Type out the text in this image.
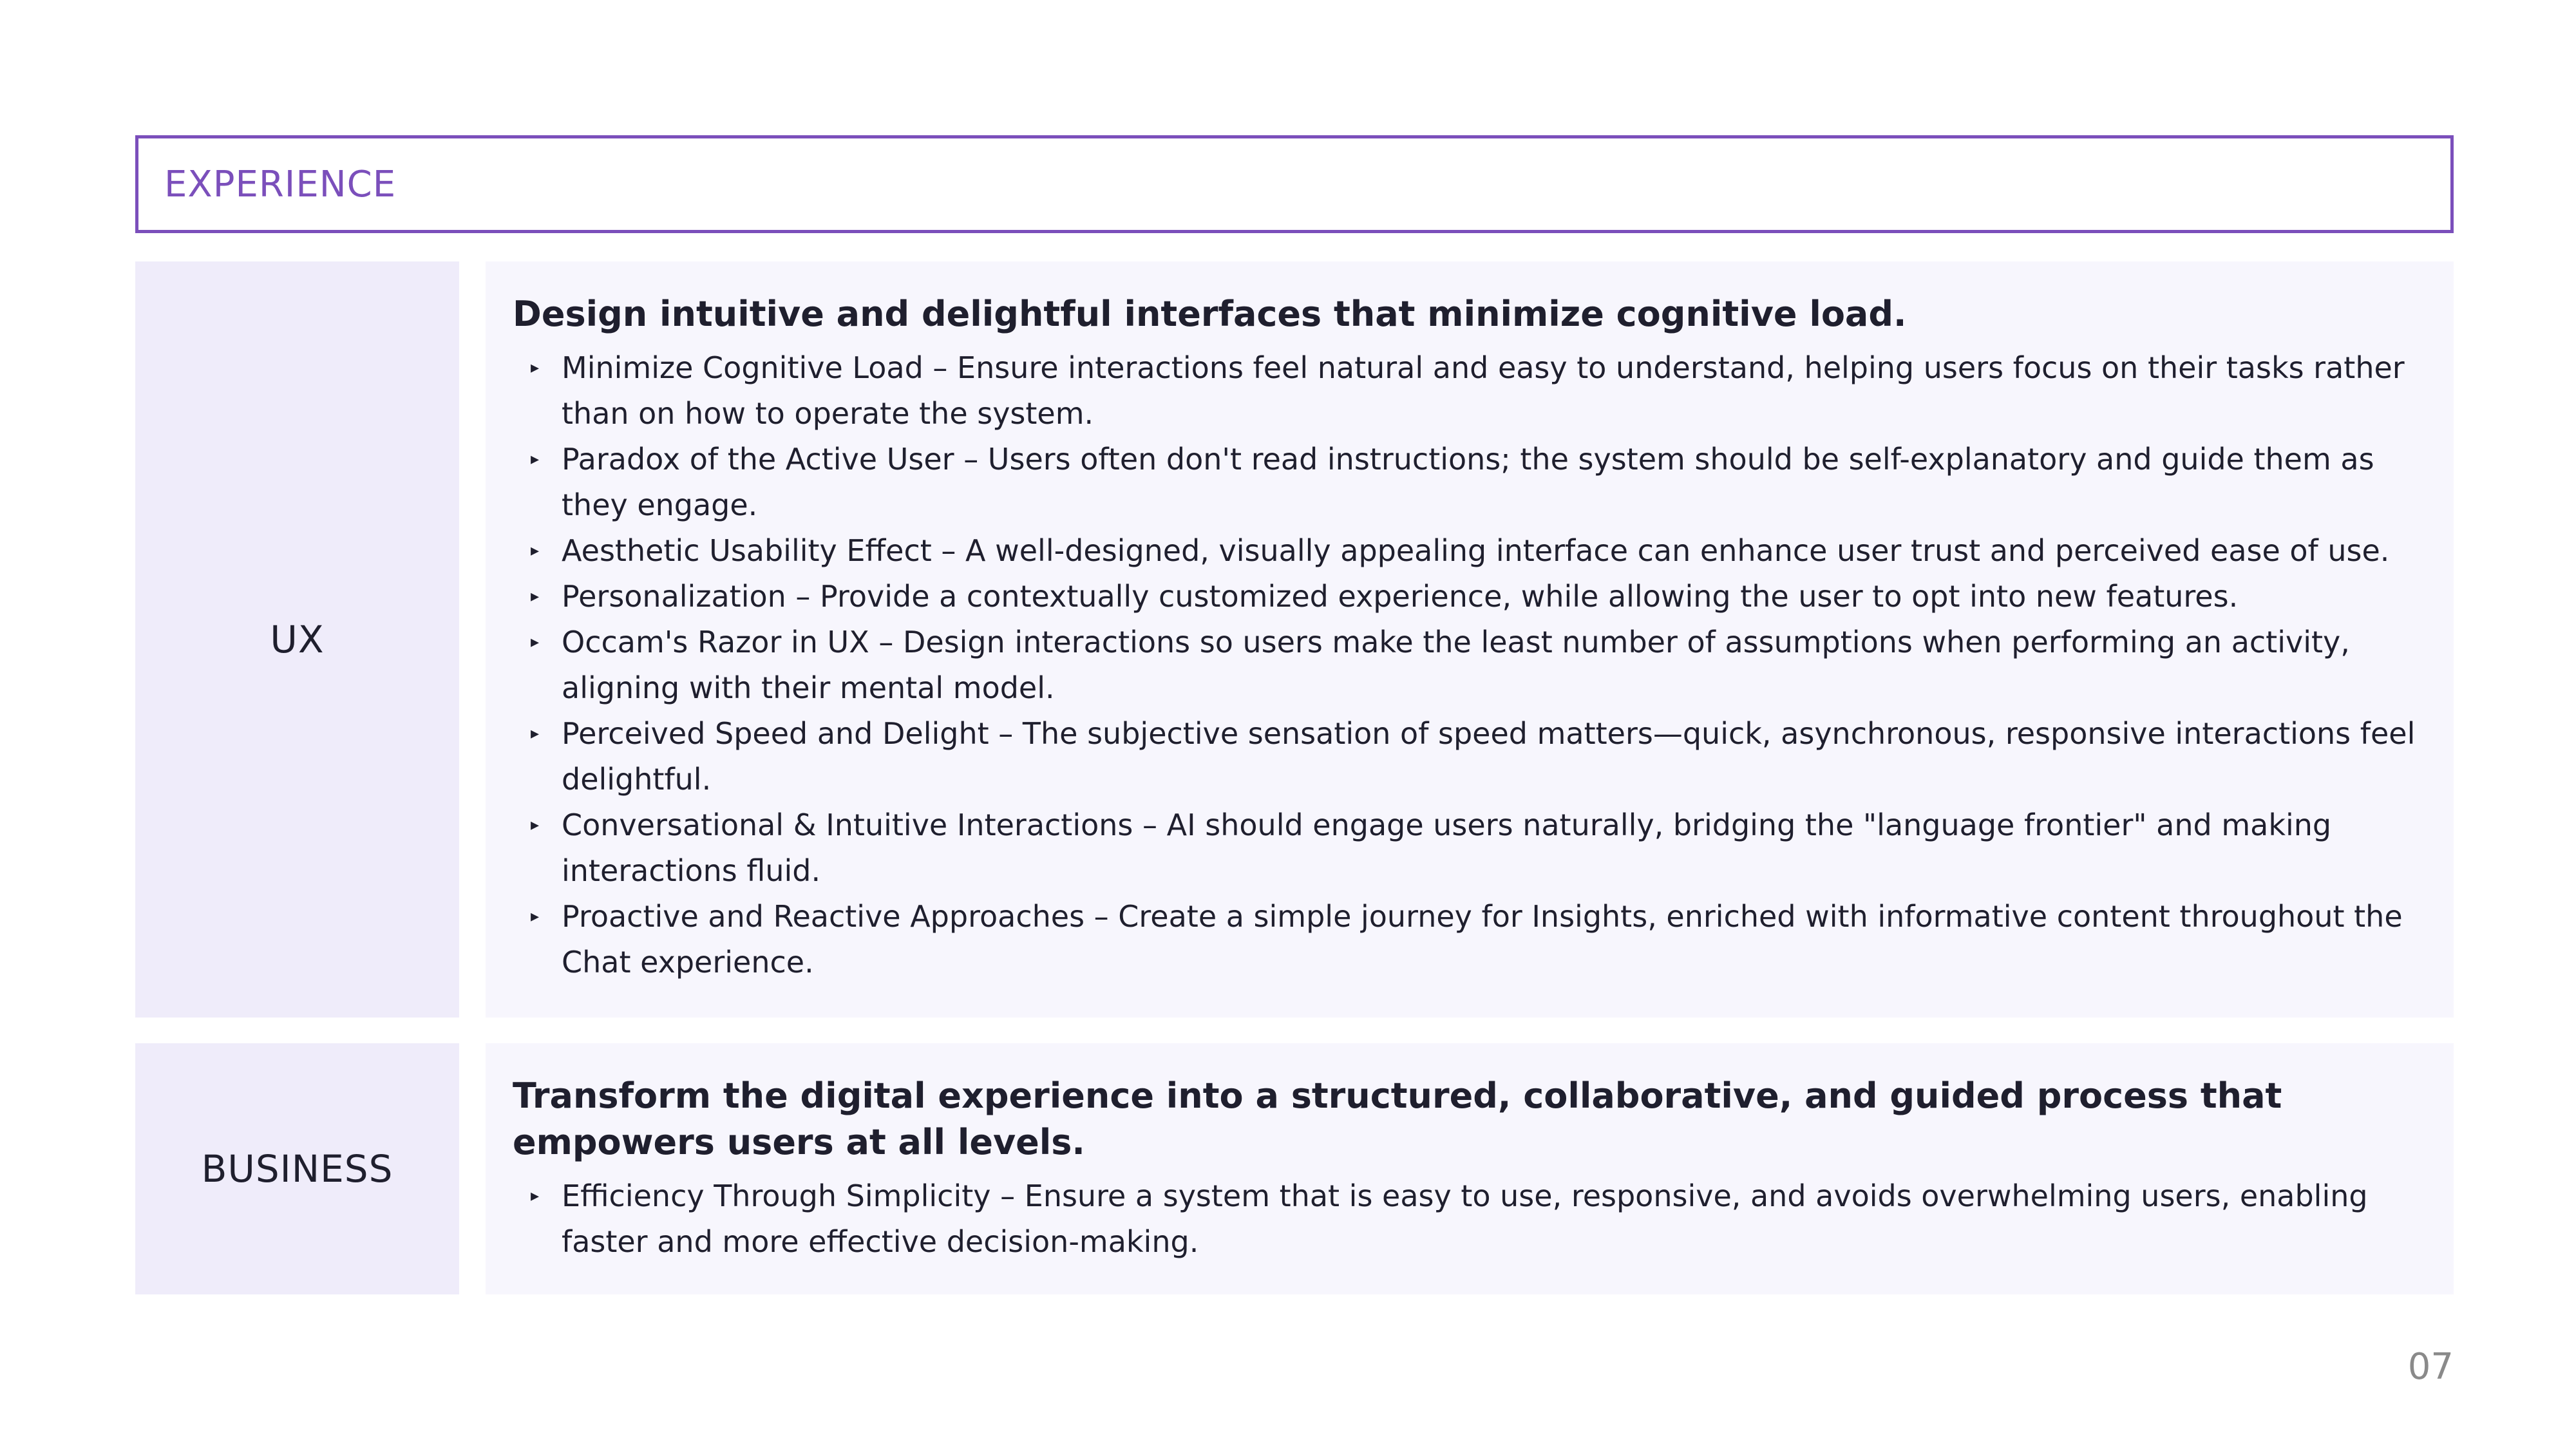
EXPERIENCE
UX
Design intuitive and delightful interfaces that minimize cognitive load.
▸ Minimize Cognitive Load – Ensure interactions feel natural and easy to understand, helping users focus on their tasks rather than on how to operate the system.
▸ Paradox of the Active User – Users often don't read instructions; the system should be self-explanatory and guide them as they engage.
▸ Aesthetic Usability Effect – A well-designed, visually appealing interface can enhance user trust and perceived ease of use.
▸ Personalization – Provide a contextually customized experience, while allowing the user to opt into new features.
▸ Occam's Razor in UX – Design interactions so users make the least number of assumptions when performing an activity, aligning with their mental model.
▸ Perceived Speed and Delight – The subjective sensation of speed matters—quick, asynchronous, responsive interactions feel delightful.
▸ Conversational & Intuitive Interactions – AI should engage users naturally, bridging the "language frontier" and making interactions fluid.
▸ Proactive and Reactive Approaches – Create a simple journey for Insights, enriched with informative content throughout the Chat experience.
BUSINESS
Transform the digital experience into a structured, collaborative, and guided process that empowers users at all levels.
▸ Efficiency Through Simplicity – Ensure a system that is easy to use, responsive, and avoids overwhelming users, enabling faster and more effective decision-making.
07
